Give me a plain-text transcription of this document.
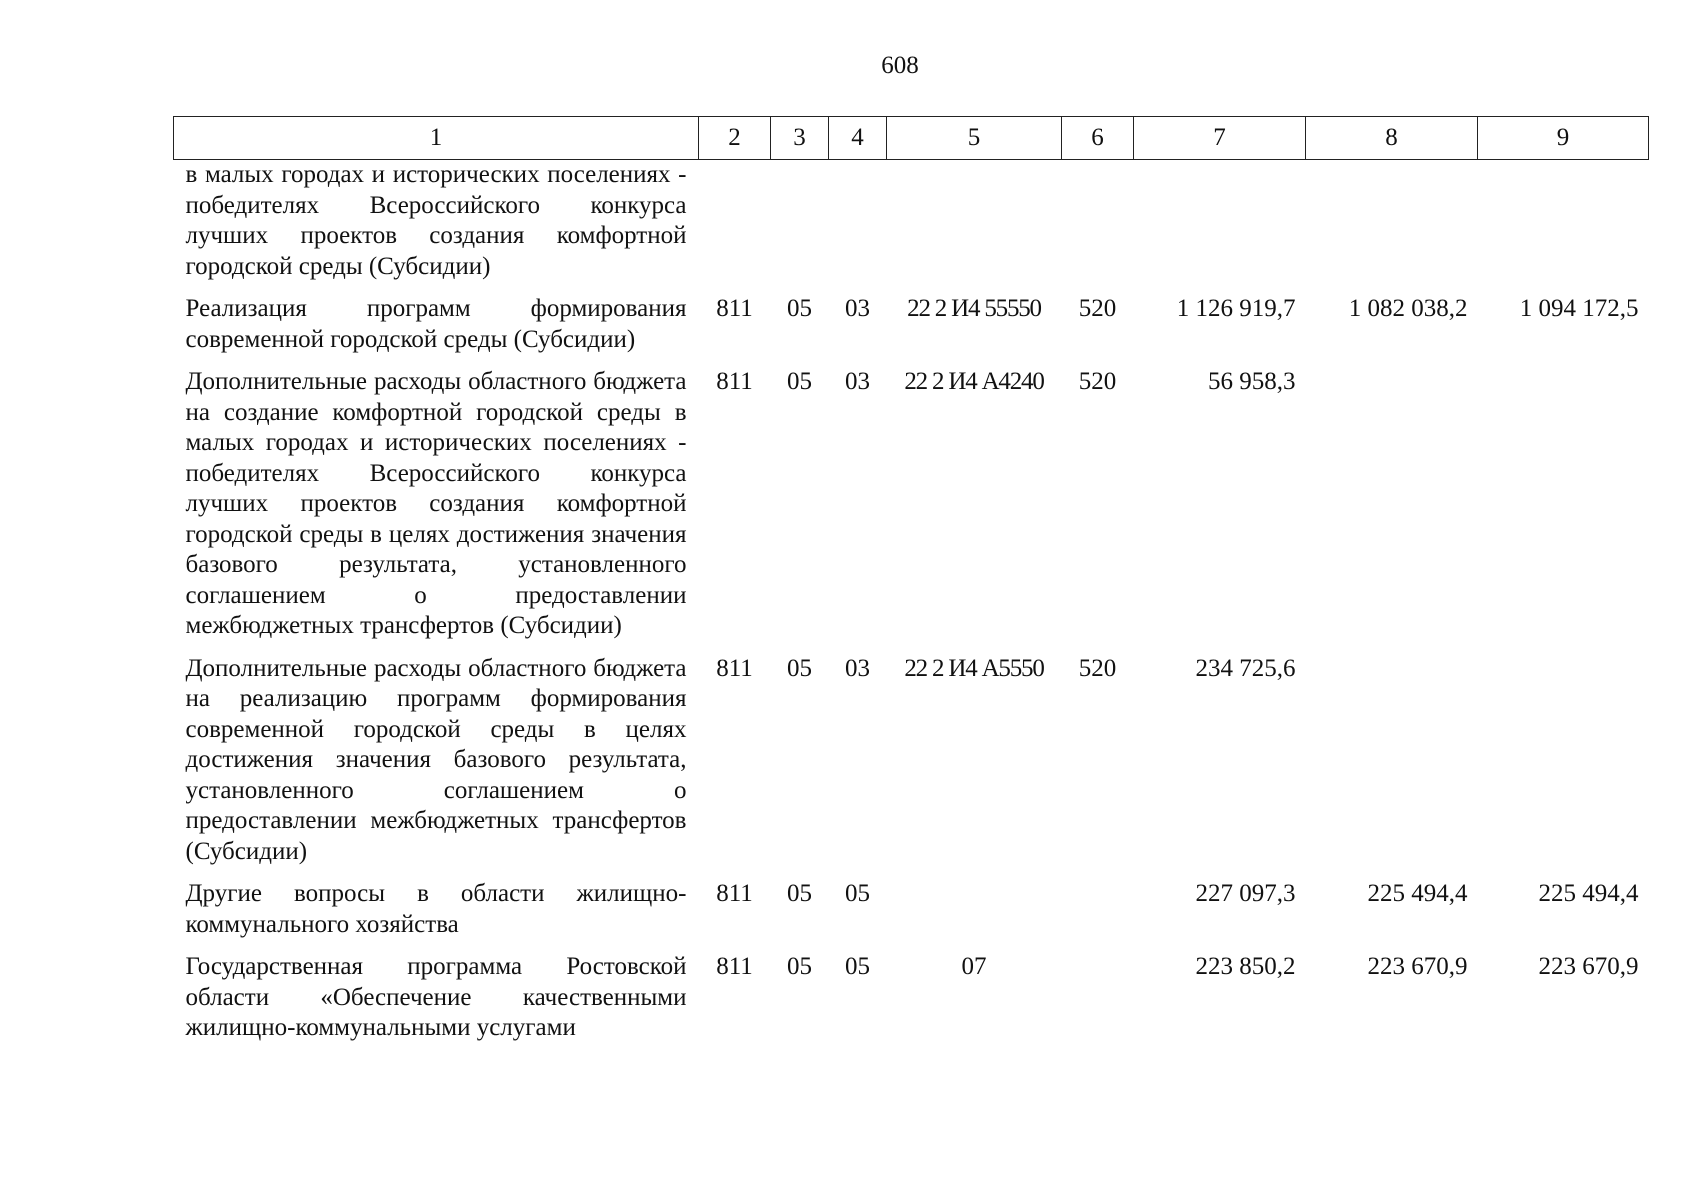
608
1	2	3	4	5	6	7	8	9
в малых городах и исторических поселениях - победителях Всероссийского конкурса лучших проектов создания комфортной городской среды (Субсидии)								
Реализация программ формирования современной городской среды (Субсидии)	811	05	03	22 2 И4 55550	520	1 126 919,7	1 082 038,2	1 094 172,5
Дополнительные расходы областного бюджета на создание комфортной городской среды в малых городах и исторических поселениях - победителях Всероссийского конкурса лучших проектов создания комфортной городской среды в целях достижения значения базового результата, установленного соглашением о предоставлении межбюджетных трансфертов (Субсидии)	811	05	03	22 2 И4 А4240	520	56 958,3		
Дополнительные расходы областного бюджета на реализацию программ формирования современной городской среды в целях достижения значения базового результата, установленного соглашением о предоставлении межбюджетных трансфертов (Субсидии)	811	05	03	22 2 И4 А5550	520	234 725,6		
Другие вопросы в области жилищно-коммунального хозяйства	811	05	05			227 097,3	225 494,4	225 494,4
Государственная программа Ростовской области «Обеспечение качественными жилищно-коммунальными услугами	811	05	05	07		223 850,2	223 670,9	223 670,9
